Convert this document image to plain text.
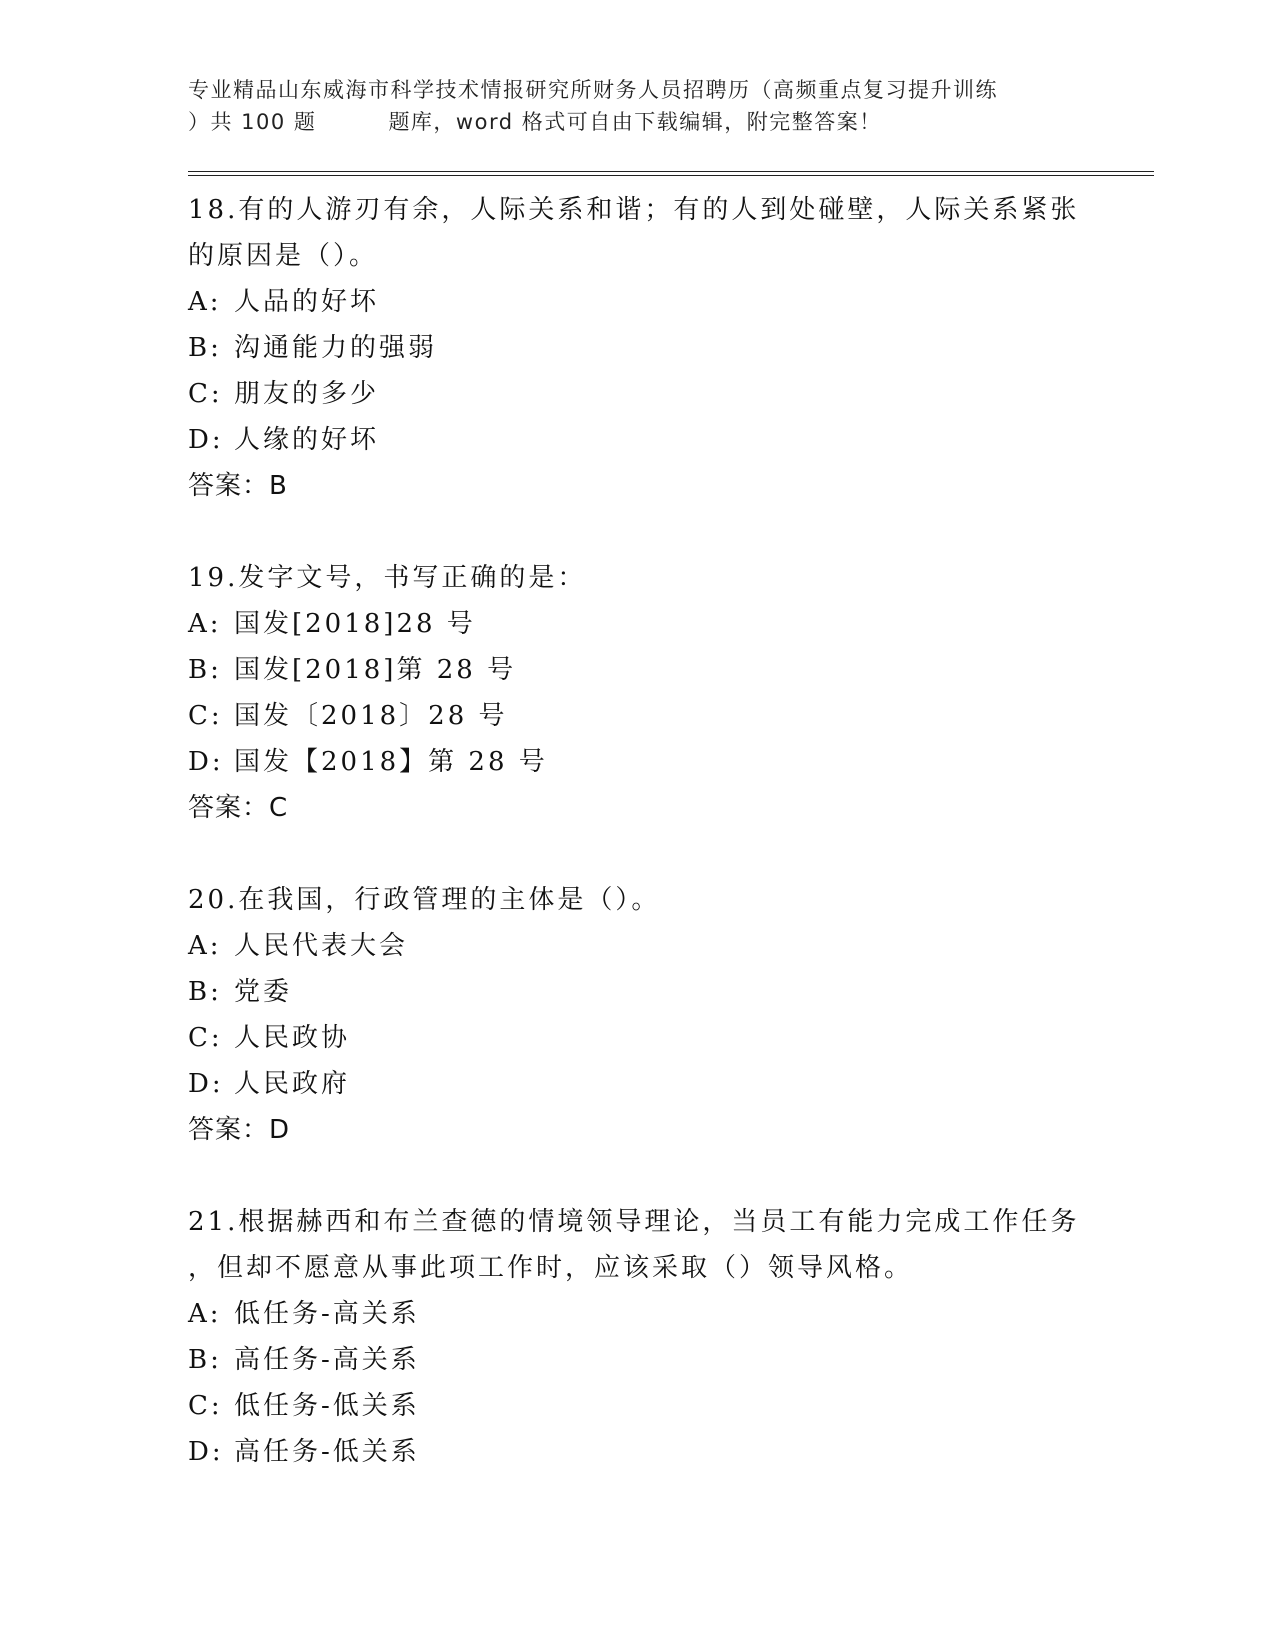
专业精品山东威海市科学技术情报研究所财务人员招聘历（高频重点复习提升训练
）共 100 题	题库，word 格式可自由下载编辑，附完整答案！
18.有的人游刃有余，人际关系和谐；有的人到处碰壁，人际关系紧张
的原因是（）。
A: 人品的好坏
B: 沟通能力的强弱
C: 朋友的多少
D: 人缘的好坏
答案：B
19.发字文号，书写正确的是：
A: 国发[2018]28 号
B: 国发[2018]第 28 号
C: 国发〔2018〕28 号
D: 国发【2018】第 28 号
答案：C
20.在我国，行政管理的主体是（）。
A: 人民代表大会
B: 党委
C: 人民政协
D: 人民政府
答案：D
21.根据赫西和布兰查德的情境领导理论，当员工有能力完成工作任务
，但却不愿意从事此项工作时，应该采取（）领导风格。
A: 低任务-高关系
B: 高任务-高关系
C: 低任务-低关系
D: 高任务-低关系
